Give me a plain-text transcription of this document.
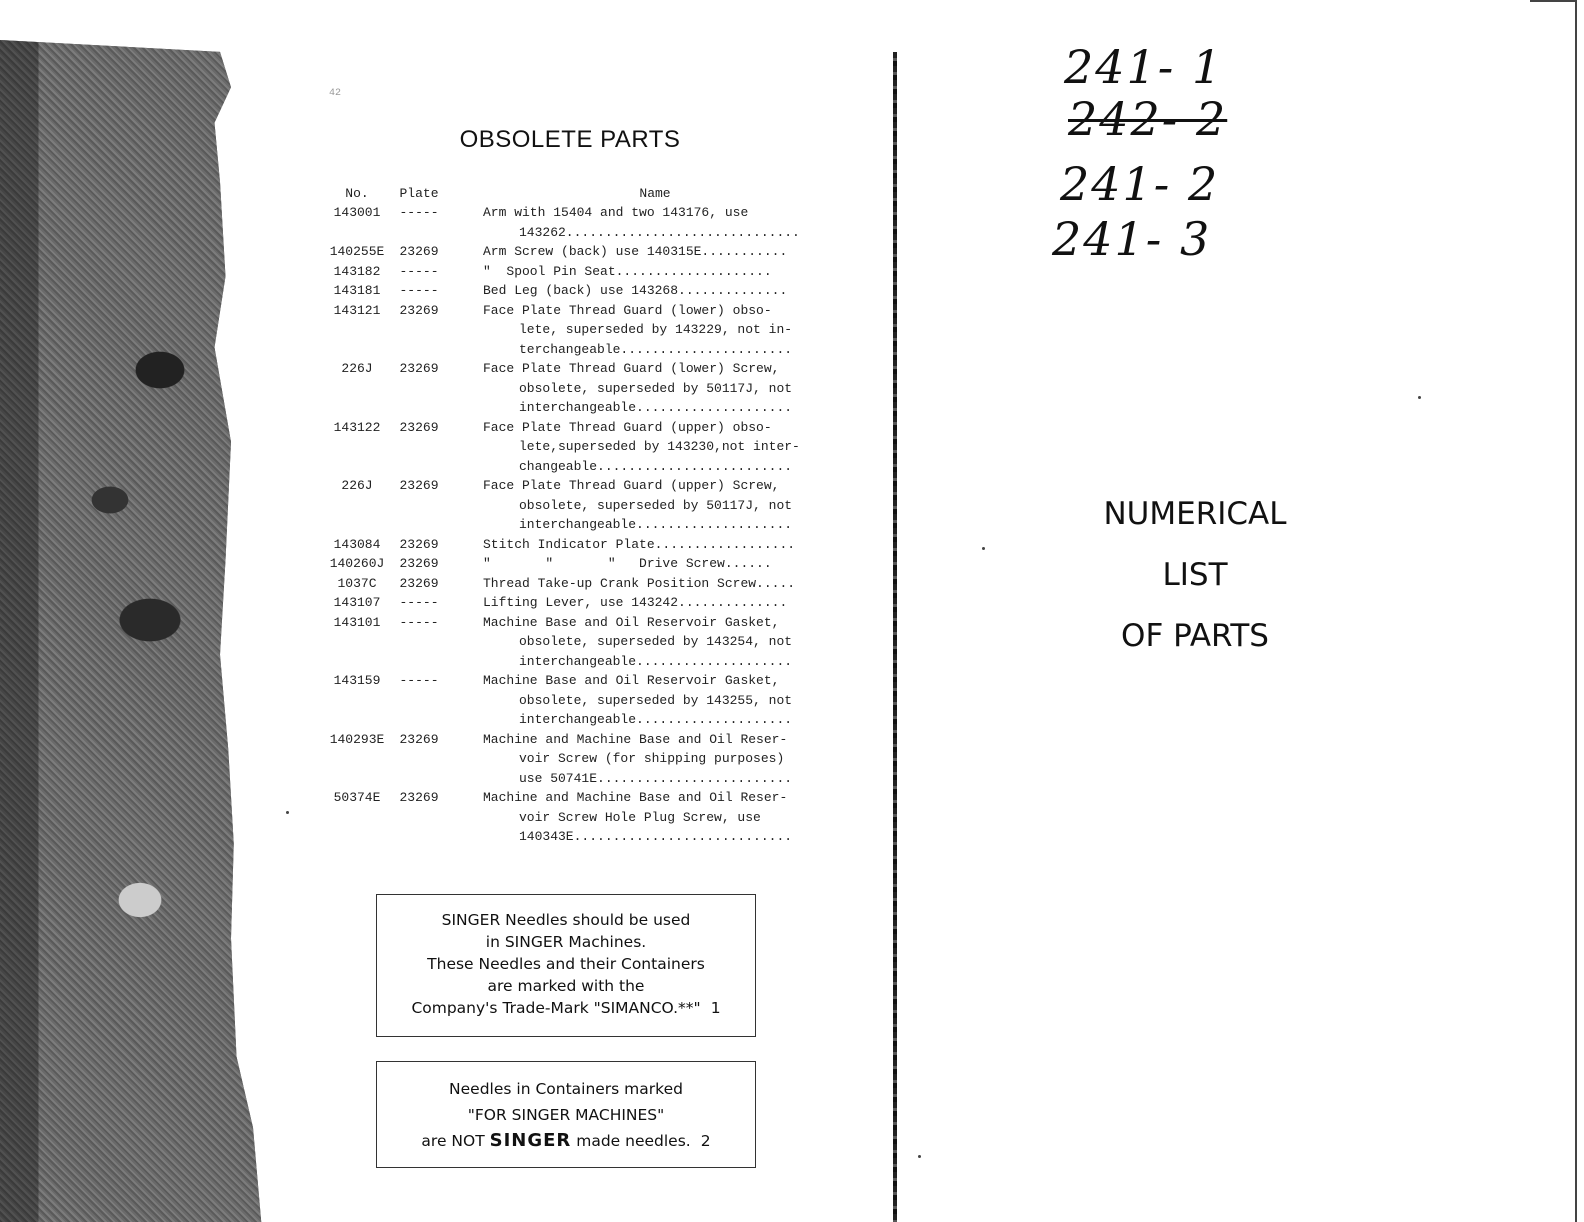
42
OBSOLETE PARTS
No.	Plate	Name
143001	-----	Arm with 15404 and two 143176, use
143262..............................
140255E	23269	Arm Screw (back) use 140315E...........
143182	-----	"  Spool Pin Seat....................
143181	-----	Bed Leg (back) use 143268..............
143121	23269	Face Plate Thread Guard (lower) obso-
lete, superseded by 143229, not in-
terchangeable......................
226J	23269	Face Plate Thread Guard (lower) Screw,
obsolete, superseded by 50117J, not
interchangeable....................
143122	23269	Face Plate Thread Guard (upper) obso-
lete,superseded by 143230,not inter-
changeable.........................
226J	23269	Face Plate Thread Guard (upper) Screw,
obsolete, superseded by 50117J, not
interchangeable....................
143084	23269	Stitch Indicator Plate..................
140260J	23269	"       "       "   Drive Screw......
1037C	23269	Thread Take-up Crank Position Screw.....
143107	-----	Lifting Lever, use 143242..............
143101	-----	Machine Base and Oil Reservoir Gasket,
obsolete, superseded by 143254, not
interchangeable....................
143159	-----	Machine Base and Oil Reservoir Gasket,
obsolete, superseded by 143255, not
interchangeable....................
140293E	23269	Machine and Machine Base and Oil Reser-
voir Screw (for shipping purposes)
use 50741E.........................
50374E	23269	Machine and Machine Base and Oil Reser-
voir Screw Hole Plug Screw, use
140343E............................
SINGER Needles should be used
in SINGER Machines.
These Needles and their Containers
are marked with the
Company's Trade-Mark "SIMANCO.**" 1
Needles in Containers marked
"FOR SINGER MACHINES"
are NOT SINGER made needles. 2
241- 1
242- 2
241- 2
241- 3
NUMERICAL
LIST
OF PARTS
